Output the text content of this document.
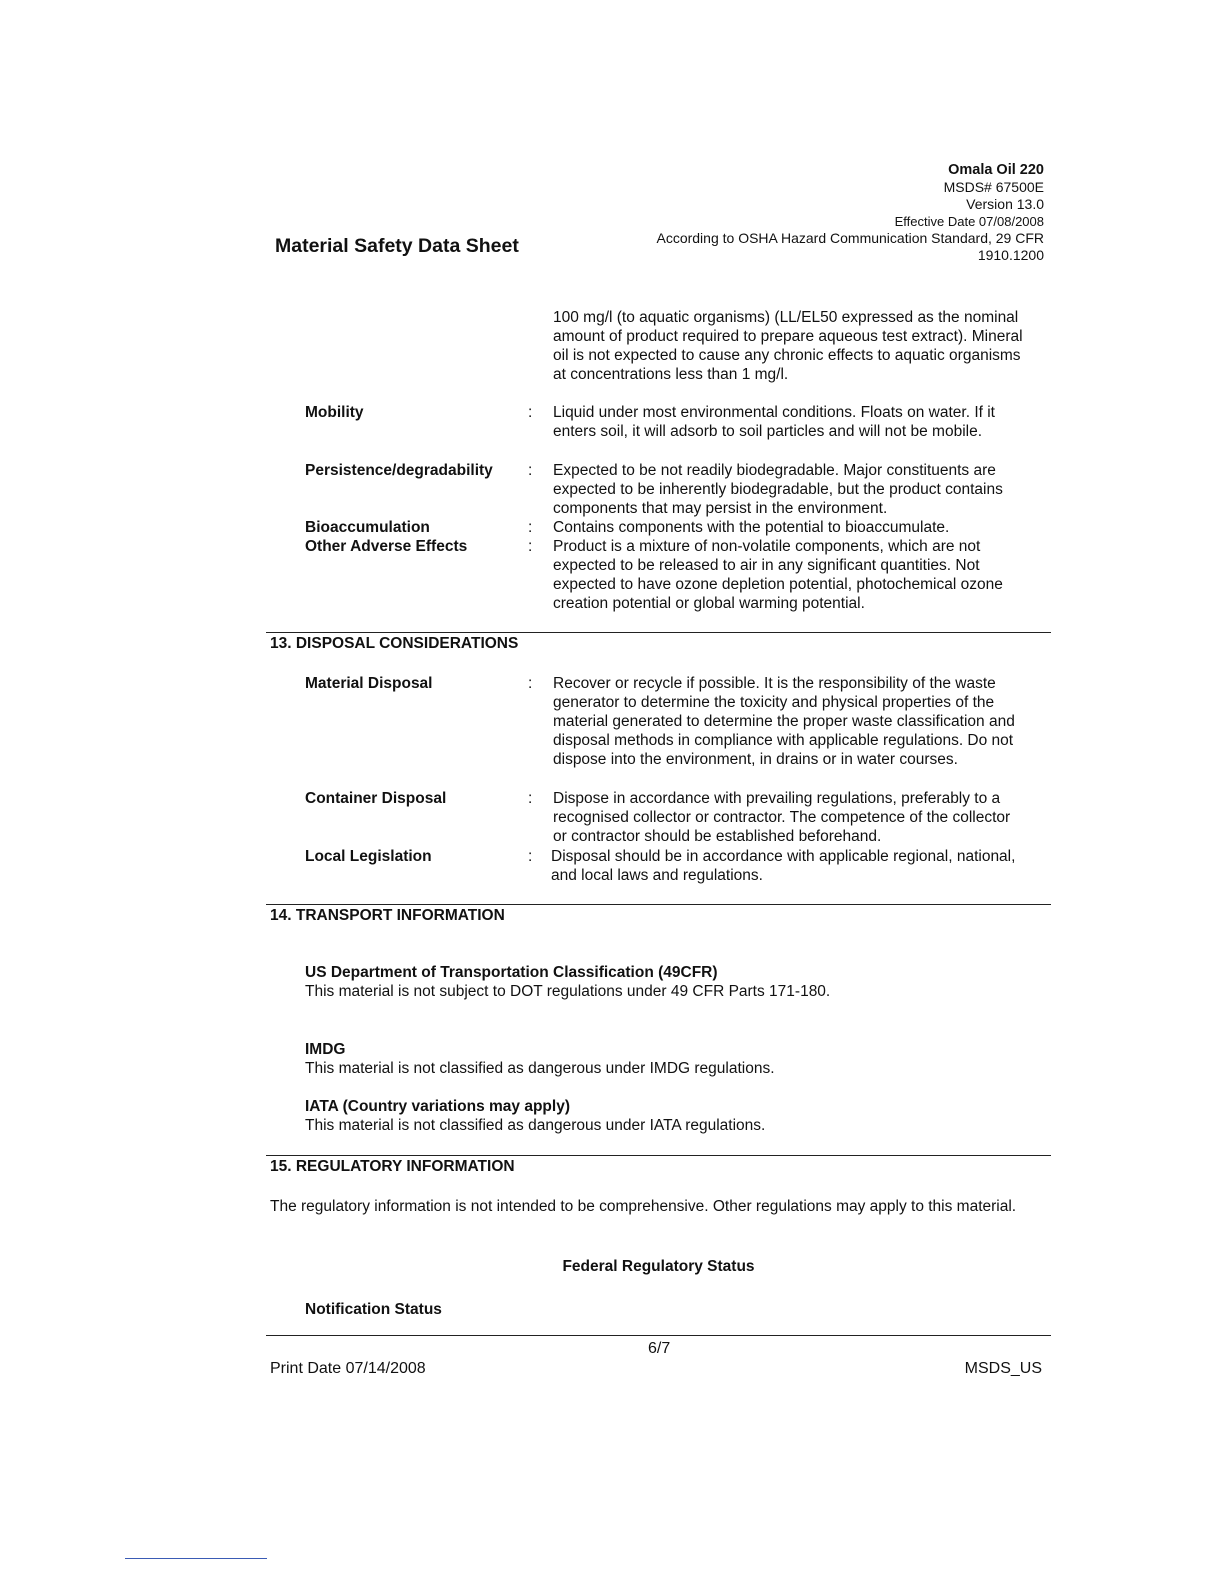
Omala Oil 220
MSDS# 67500E
Version 13.0
Effective Date 07/08/2008
According to OSHA Hazard Communication Standard, 29 CFR
1910.1200
Material Safety Data Sheet
100 mg/l (to aquatic organisms) (LL/EL50 expressed as the nominal amount of product required to prepare aqueous test extract). Mineral oil is not expected to cause any chronic effects to aquatic organisms at concentrations less than 1 mg/l.
Mobility	: Liquid under most environmental conditions. Floats on water. If it enters soil, it will adsorb to soil particles and will not be mobile.
Persistence/degradability : Expected to be not readily biodegradable. Major constituents are expected to be inherently biodegradable, but the product contains components that may persist in the environment.
Bioaccumulation	: Contains components with the potential to bioaccumulate.
Other Adverse Effects	: Product is a mixture of non-volatile components, which are not expected to be released to air in any significant quantities. Not expected to have ozone depletion potential, photochemical ozone creation potential or global warming potential.
13. DISPOSAL CONSIDERATIONS
Material Disposal	: Recover or recycle if possible. It is the responsibility of the waste generator to determine the toxicity and physical properties of the material generated to determine the proper waste classification and disposal methods in compliance with applicable regulations. Do not dispose into the environment, in drains or in water courses.
Container Disposal	: Dispose in accordance with prevailing regulations, preferably to a recognised collector or contractor. The competence of the collector or contractor should be established beforehand.
Local Legislation	: Disposal should be in accordance with applicable regional, national, and local laws and regulations.
14. TRANSPORT INFORMATION
US Department of Transportation Classification (49CFR)
This material is not subject to DOT regulations under 49 CFR Parts 171-180.
IMDG
This material is not classified as dangerous under IMDG regulations.
IATA (Country variations may apply)
This material is not classified as dangerous under IATA regulations.
15. REGULATORY INFORMATION
The regulatory information is not intended to be comprehensive. Other regulations may apply to this material.
Federal Regulatory Status
Notification Status
6/7
Print Date 07/14/2008	MSDS_US
